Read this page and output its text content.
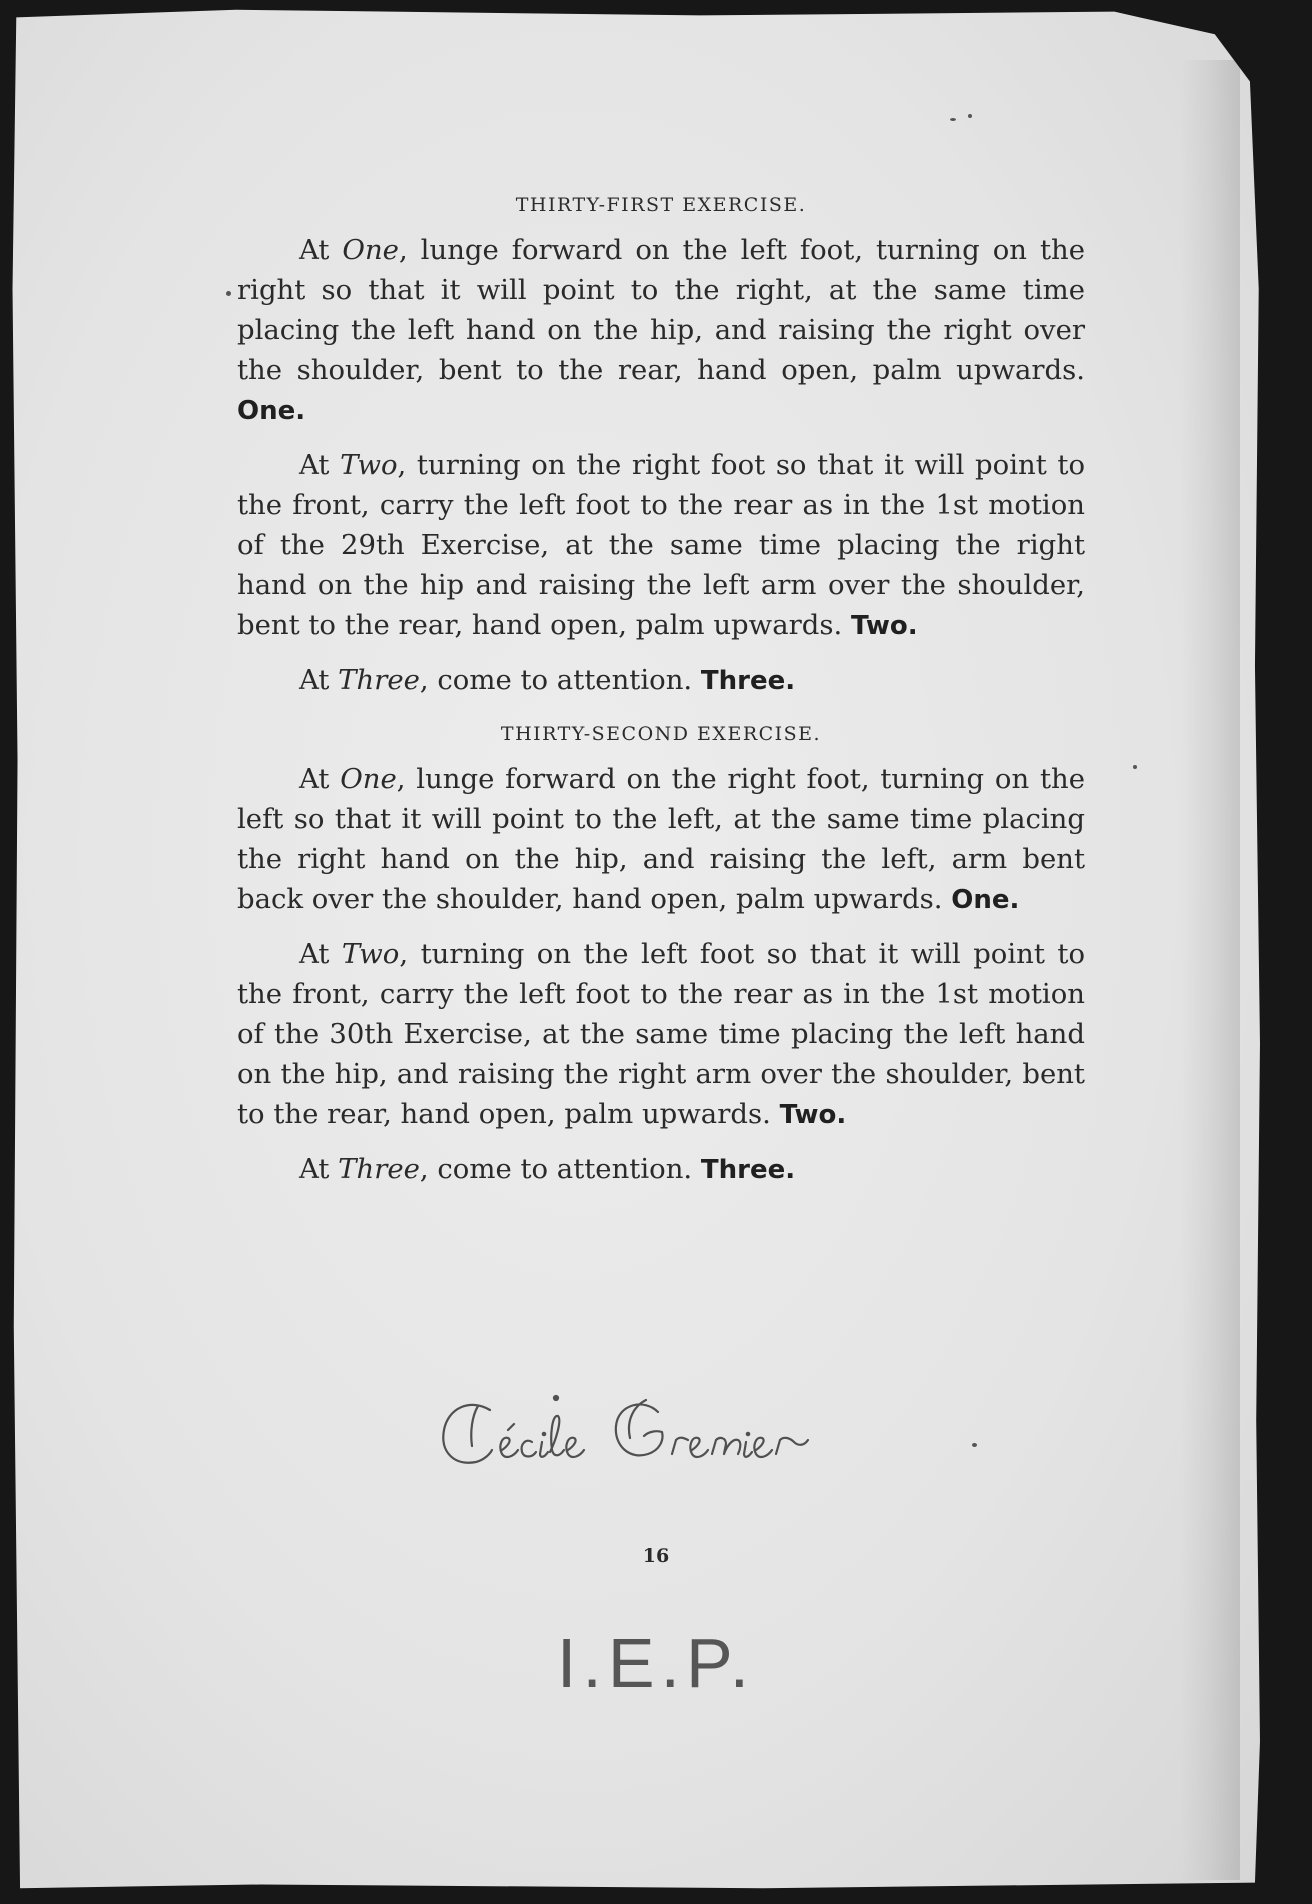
THIRTY-FIRST EXERCISE.

At One, lunge forward on the left foot, turning on the right so that it will point to the right, at the same time placing the left hand on the hip, and raising the right over the shoulder, bent to the rear, hand open, palm upwards. One.

At Two, turning on the right foot so that it will point to the front, carry the left foot to the rear as in the 1st motion of the 29th Exercise, at the same time placing the right hand on the hip and raising the left arm over the shoulder, bent to the rear, hand open, palm upwards. Two.

At Three, come to attention. Three.

THIRTY-SECOND EXERCISE.

At One, lunge forward on the right foot, turning on the left so that it will point to the left, at the same time placing the right hand on the hip, and raising the left, arm bent back over the shoulder, hand open, palm upwards. One.

At Two, turning on the left foot so that it will point to the front, carry the left foot to the rear as in the 1st motion of the 30th Exercise, at the same time placing the left hand on the hip, and raising the right arm over the shoulder, bent to the rear, hand open, palm upwards. Two.

At Three, come to attention. Three.

16
I.E.P.
